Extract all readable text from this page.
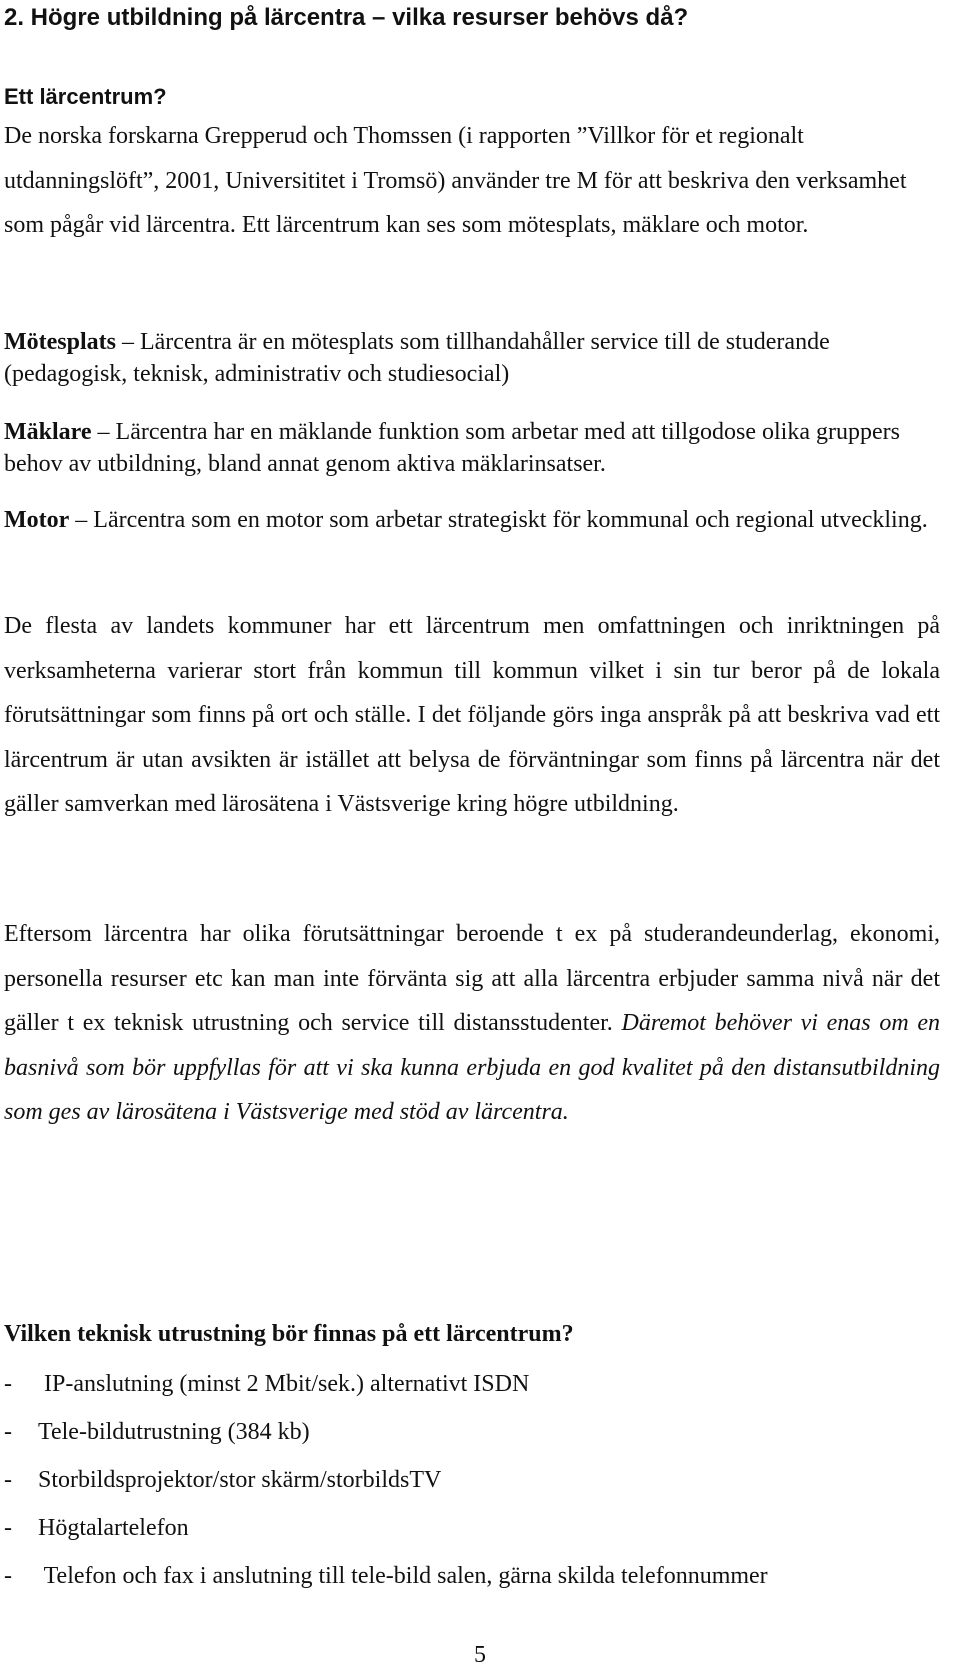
2. Högre utbildning på lärcentra – vilka resurser behövs då?
Ett lärcentrum?

De norska forskarna Grepperud och Thomssen (i rapporten ”Villkor för et regionalt utdanningslöft”, 2001, Universititet i Tromsö) använder tre M för att beskriva den verksamhet som pågår vid lärcentra. Ett lärcentrum kan ses som mötesplats, mäklare och motor.

Mötesplats – Lärcentra är en mötesplats som tillhandahåller service till de studerande (pedagogisk, teknisk, administrativ och studiesocial)

Mäklare – Lärcentra har en mäklande funktion som arbetar med att tillgodose olika gruppers behov av utbildning, bland annat genom aktiva mäklarinsatser.

Motor – Lärcentra som en motor som arbetar strategiskt för kommunal och regional utveckling.

De flesta av landets kommuner har ett lärcentrum men omfattningen och inriktningen på verksamheterna varierar stort från kommun till kommun vilket i sin tur beror på de lokala förutsättningar som finns på ort och ställe. I det följande görs inga anspråk på att beskriva vad ett lärcentrum är utan avsikten är istället att belysa de förväntningar som finns på lärcentra när det gäller samverkan med lärosätena i Västsverige kring högre utbildning.

Eftersom lärcentra har olika förutsättningar beroende t ex på studerandeunderlag, ekonomi, personella resurser etc kan man inte förvänta sig att alla lärcentra erbjuder samma nivå när det gäller t ex teknisk utrustning och service till distansstudenter. Däremot behöver vi enas om en basnivå som bör uppfyllas för att vi ska kunna erbjuda en god kvalitet på den distansutbildning som ges av lärosätena i Västsverige med stöd av lärcentra.

Vilken teknisk utrustning bör finnas på ett lärcentrum?

- IP-anslutning (minst 2 Mbit/sek.) alternativt ISDN
- Tele-bildutrustning (384 kb)
- Storbildsprojektor/stor skärm/storbildsTV
- Högtalartelefon
- Telefon och fax i anslutning till tele-bild salen, gärna skilda telefonnummer
5
